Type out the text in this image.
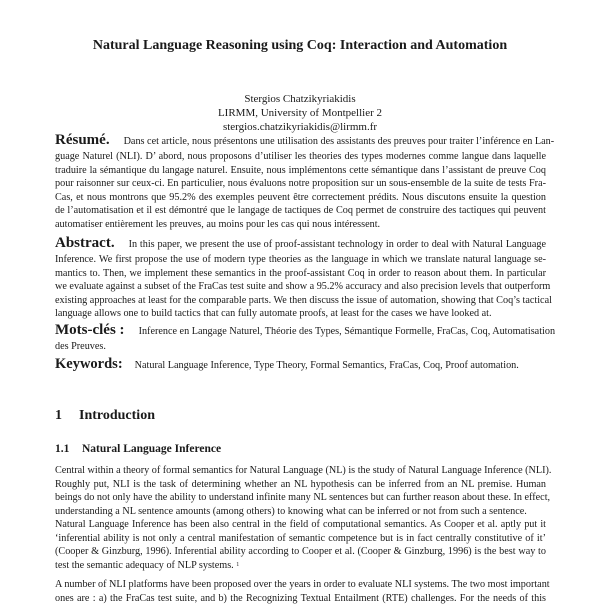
Natural Language Reasoning using Coq: Interaction and Automation
Stergios Chatzikyriakidis
LIRMM, University of Montpellier 2
stergios.chatzikyriakidis@lirmm.fr
Résumé. Dans cet article, nous présentons une utilisation des assistants des preuves pour traiter l’inférence en Lan-
guage Naturel (NLI). D’ abord, nous proposons d’utiliser les theories des types modernes comme langue dans laquelle
traduire la sémantique du langage naturel. Ensuite, nous implémentons cette sémantique dans l’assistant de preuve Coq
pour raisonner sur ceux-ci. En particulier, nous évaluons notre proposition sur un sous-ensemble de la suite de tests Fra-
Cas, et nous montrons que 95.2% des exemples peuvent être correctement prédits. Nous discutons ensuite la question
de l’automatisation et il est démontré que le langage de tactiques de Coq permet de construire des tactiques qui peuvent
automatiser entièrement les preuves, au moins pour les cas qui nous intéressent.
Abstract. In this paper, we present the use of proof-assistant technology in order to deal with Natural Language
Inference. We first propose the use of modern type theories as the language in which we translate natural language se-
mantics to. Then, we implement these semantics in the proof-assistant Coq in order to reason about them. In particular
we evaluate against a subset of the FraCas test suite and show a 95.2% accuracy and also precision levels that outperform
existing approaches at least for the comparable parts. We then discuss the issue of automation, showing that Coq’s tactical
language allows one to build tactics that can fully automate proofs, at least for the cases we have looked at.
Mots-clés : Inference en Langage Naturel, Théorie des Types, Sémantique Formelle, FraCas, Coq, Automatisation
des Preuves.
Keywords: Natural Language Inference, Type Theory, Formal Semantics, FraCas, Coq, Proof automation.
1 Introduction
1.1 Natural Language Inference
Central within a theory of formal semantics for Natural Language (NL) is the study of Natural Language Inference (NLI).
Roughly put, NLI is the task of determining whether an NL hypothesis can be inferred from an NL premise. Human
beings do not only have the ability to understand infinite many NL sentences but can further reason about these. In effect,
understanding a NL sentence amounts (among others) to knowing what can be inferred or not from such a sentence.
Natural Language Inference has been also central in the field of computational semantics. As Cooper et al. aptly put it
‘inferential ability is not only a central manifestation of semantic competence but is in fact centrally constitutive of it’
(Cooper & Ginzburg, 1996). Inferential ability according to Cooper et al. (Cooper & Ginzburg, 1996) is the best way to
test the semantic adequacy of NLP systems. $^1$
A number of NLI platforms have been proposed over the years in order to evaluate NLI systems. The two most important
ones are : a) the FraCas test suite, and b) the Recognizing Textual Entailment (RTE) challenges. For the needs of this
